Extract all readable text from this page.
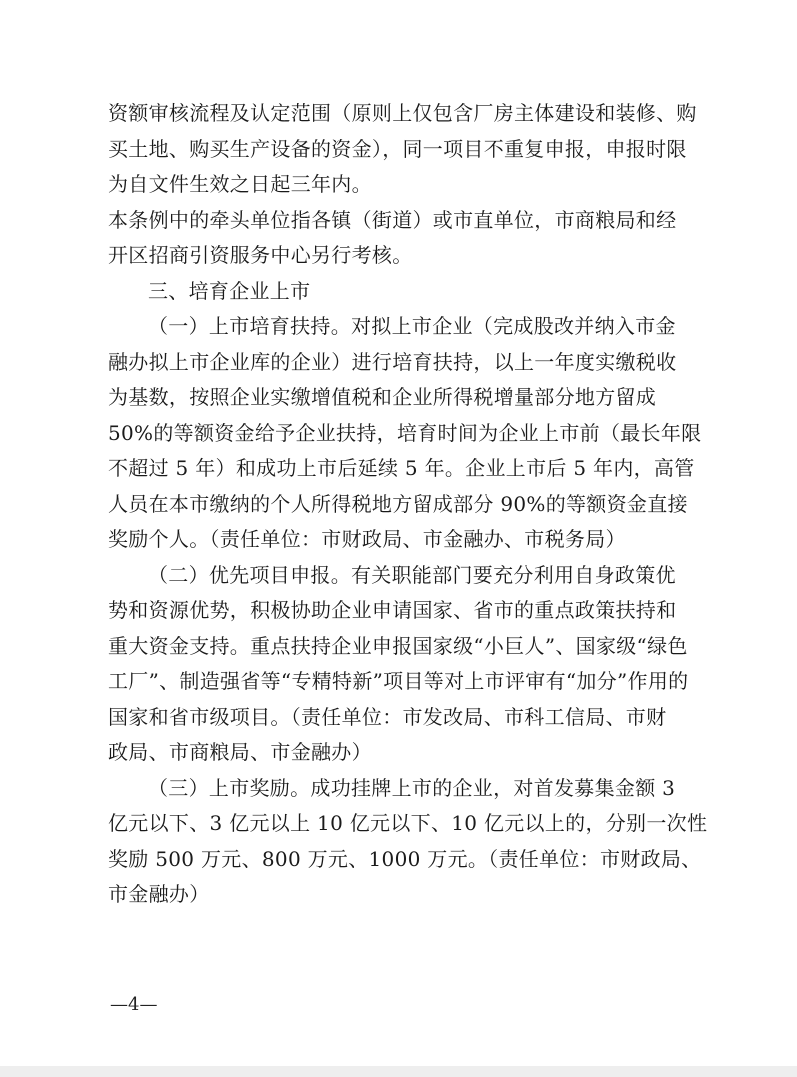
资额审核流程及认定范围（原则上仅包含厂房主体建设和装修、购
买土地、购买生产设备的资金），同一项目不重复申报，申报时限
为自文件生效之日起三年内。
本条例中的牵头单位指各镇（街道）或市直单位，市商粮局和经
开区招商引资服务中心另行考核。
三、培育企业上市
（一）上市培育扶持。对拟上市企业（完成股改并纳入市金
融办拟上市企业库的企业）进行培育扶持，以上一年度实缴税收
为基数，按照企业实缴增值税和企业所得税增量部分地方留成
50%的等额资金给予企业扶持，培育时间为企业上市前（最长年限
不超过 5 年）和成功上市后延续 5 年。企业上市后 5 年内，高管
人员在本市缴纳的个人所得税地方留成部分 90%的等额资金直接
奖励个人。（责任单位：市财政局、市金融办、市税务局）
（二）优先项目申报。有关职能部门要充分利用自身政策优
势和资源优势，积极协助企业申请国家、省市的重点政策扶持和
重大资金支持。重点扶持企业申报国家级“小巨人”、国家级“绿色
工厂”、制造强省等“专精特新”项目等对上市评审有“加分”作用的
国家和省市级项目。（责任单位：市发改局、市科工信局、市财
政局、市商粮局、市金融办）
（三）上市奖励。成功挂牌上市的企业，对首发募集金额 3
亿元以下、3 亿元以上 10 亿元以下、10 亿元以上的，分别一次性
奖励 500 万元、800 万元、1000 万元。（责任单位：市财政局、
市金融办）
—4—
